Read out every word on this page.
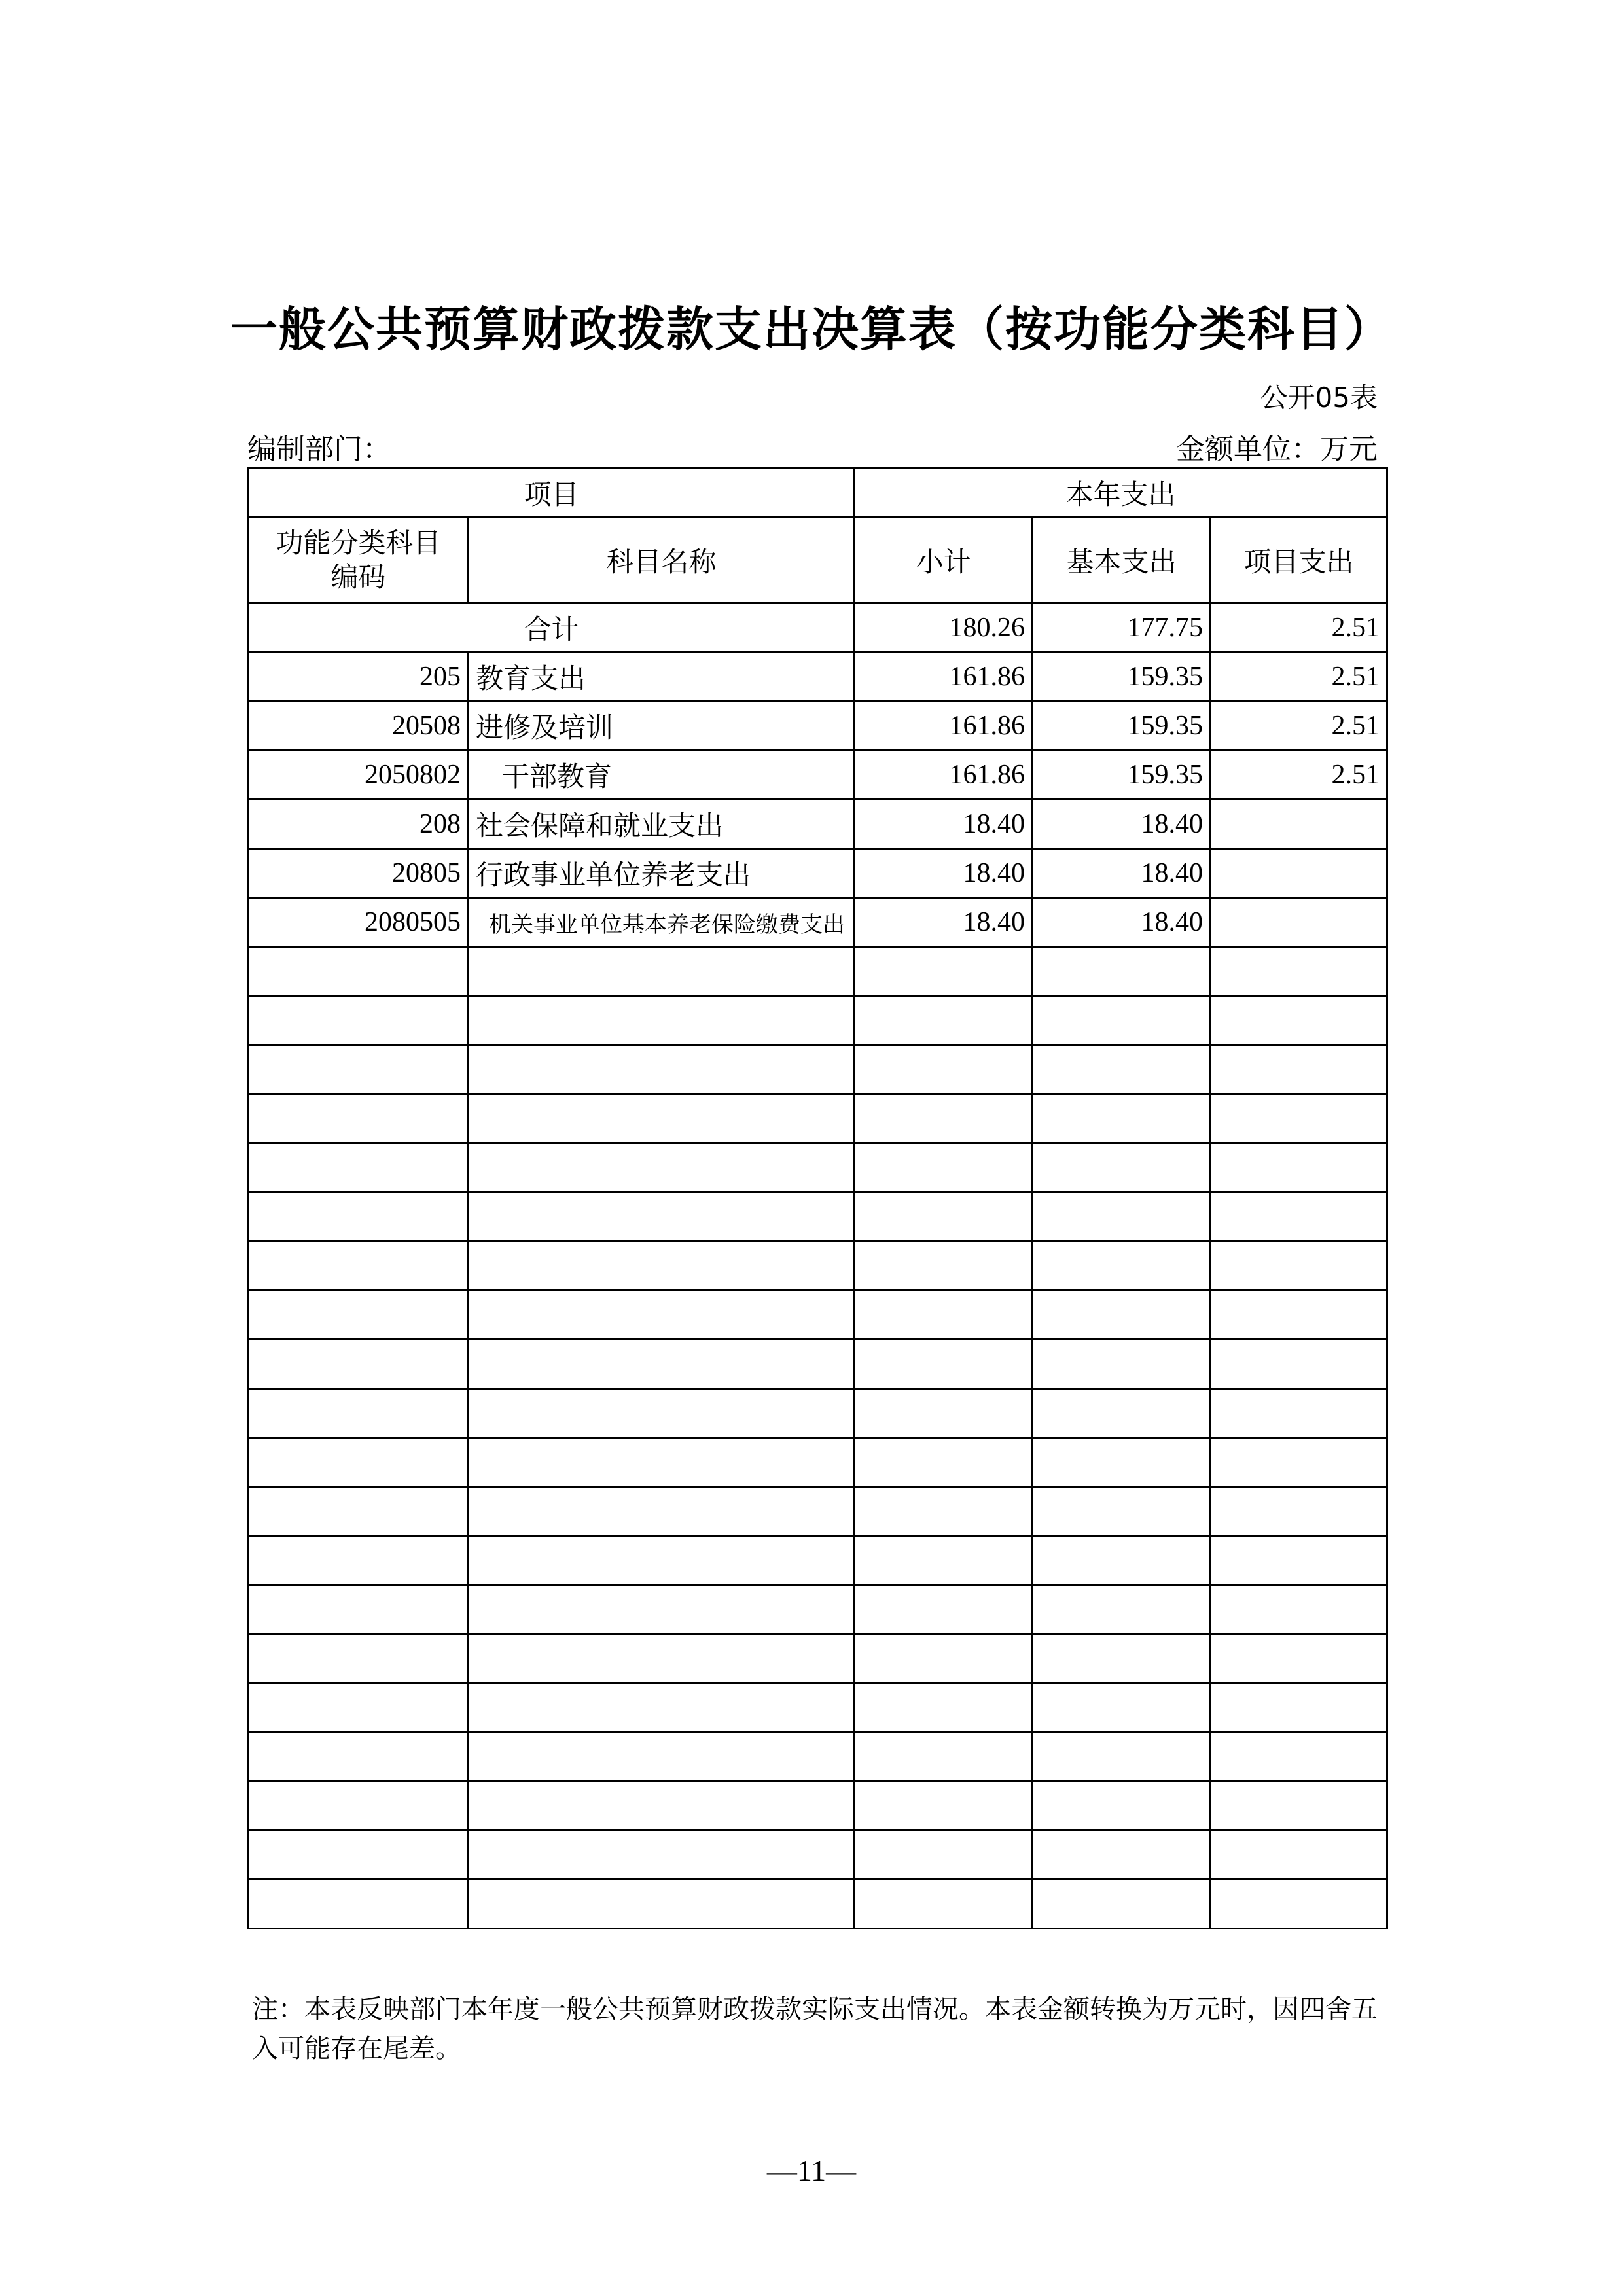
一般公共预算财政拨款支出决算表（按功能分类科目）
公开05表
编制部门：	金额单位：万元
项目		本年支出		
功能分类科目
编码	科目名称	小计	基本支出	项目支出
合计		180.26	177.75	2.51
205	教育支出	161.86	159.35	2.51
20508	进修及培训	161.86	159.35	2.51
2050802	干部教育	161.86	159.35	2.51
208	社会保障和就业支出	18.40	18.40	
20805	行政事业单位养老支出	18.40	18.40	
2080505	机关事业单位基本养老保险缴费支出	18.40	18.40	

注：本表反映部门本年度一般公共预算财政拨款实际支出情况。本表金额转换为万元时，因四舍五入可能存在尾差。
—11—
